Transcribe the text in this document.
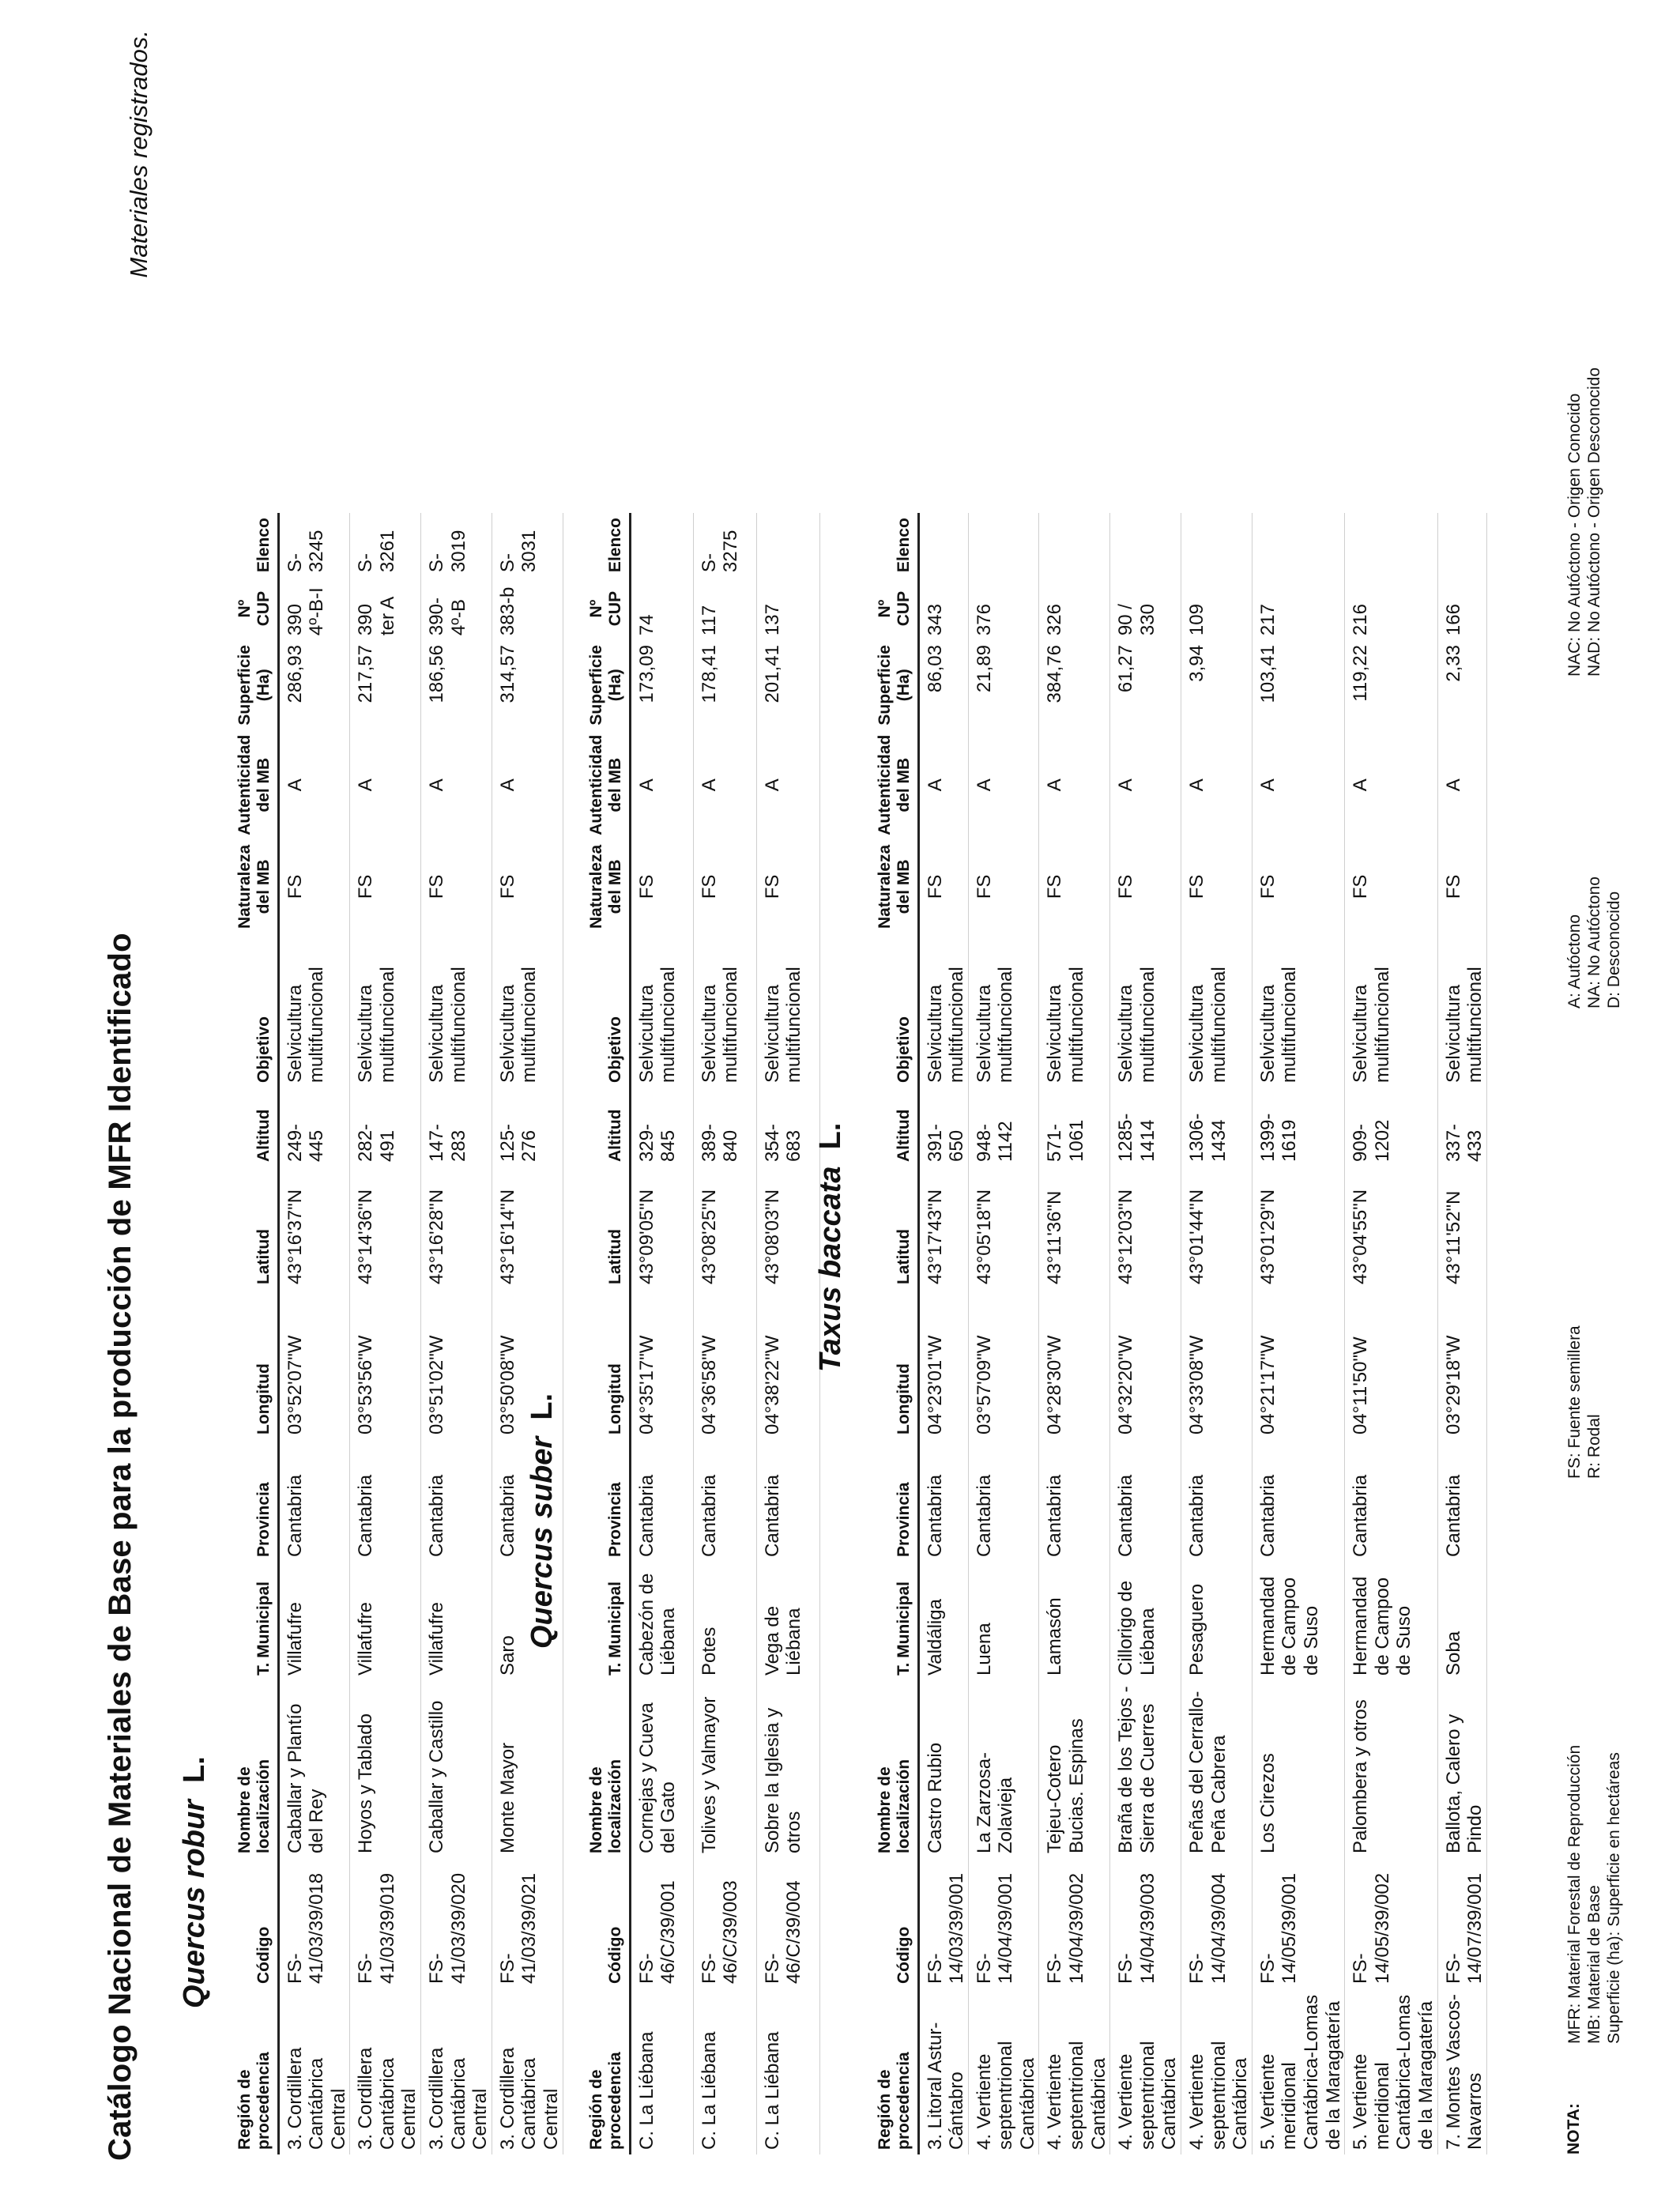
Catálogo Nacional de Materiales de Base para la producción de MFR Identificado
Materiales registrados.
Quercus robur  L.
Región de procedencia	Código	Nombre de localización	T. Municipal	Provincia	Longitud	Latitud	Altitud	Objetivo	Naturaleza del MB	Autenticidad del MB	Superficie (Ha)	Nº CUP	Elenco
3. Cordillera Cantábrica Central	FS-41/03/39/018	Caballar y Plantío del Rey	Villafufre	Cantabria	03°52'07"W	43°16'37"N	249-445	Selvicultura multifuncional	FS	A	286,93	390 4º-B-I	S-3245
3. Cordillera Cantábrica Central	FS-41/03/39/019	Hoyos y Tablado	Villafufre	Cantabria	03°53'56"W	43°14'36"N	282-491	Selvicultura multifuncional	FS	A	217,57	390 ter A	S-3261
3. Cordillera Cantábrica Central	FS-41/03/39/020	Caballar y Castillo	Villafufre	Cantabria	03°51'02"W	43°16'28"N	147-283	Selvicultura multifuncional	FS	A	186,56	390-4º-B	S-3019
3. Cordillera Cantábrica Central	FS-41/03/39/021	Monte Mayor	Saro	Cantabria	03°50'08"W	43°16'14"N	125-276	Selvicultura multifuncional	FS	A	314,57	383-b	S-3031
Quercus suber  L.
Región de procedencia	Código	Nombre de localización	T. Municipal	Provincia	Longitud	Latitud	Altitud	Objetivo	Naturaleza del MB	Autenticidad del MB	Superficie (Ha)	Nº CUP	Elenco
C. La Liébana	FS-46/C/39/001	Cornejas y Cueva del Gato	Cabezón de Liébana	Cantabria	04°35'17"W	43°09'05"N	329-845	Selvicultura multifuncional	FS	A	173,09	74	
C. La Liébana	FS-46/C/39/003	Tolives y Valmayor	Potes	Cantabria	04°36'58"W	43°08'25"N	389-840	Selvicultura multifuncional	FS	A	178,41	117	S-3275
C. La Liébana	FS-46/C/39/004	Sobre la Iglesia y otros	Vega de Liébana	Cantabria	04°38'22"W	43°08'03"N	354-683	Selvicultura multifuncional	FS	A	201,41	137	
Taxus baccata  L.
Región de procedencia	Código	Nombre de localización	T. Municipal	Provincia	Longitud	Latitud	Altitud	Objetivo	Naturaleza del MB	Autenticidad del MB	Superficie (Ha)	Nº CUP	Elenco
3. Litoral Astur-Cántabro	FS-14/03/39/001	Castro Rubio	Valdáliga	Cantabria	04°23'01"W	43°17'43"N	391-650	Selvicultura multifuncional	FS	A	86,03	343	
4. Vertiente septentrional Cantábrica	FS-14/04/39/001	La Zarzosa-Zolavieja	Luena	Cantabria	03°57'09"W	43°05'18"N	948-1142	Selvicultura multifuncional	FS	A	21,89	376	
4. Vertiente septentrional Cantábrica	FS-14/04/39/002	Tejeu-Cotero Bucias. Espinas	Lamasón	Cantabria	04°28'30"W	43°11'36"N	571-1061	Selvicultura multifuncional	FS	A	384,76	326	
4. Vertiente septentrional Cantábrica	FS-14/04/39/003	Braña de los Tejos - Sierra de Cuerres	Cillorigo de Liébana	Cantabria	04°32'20"W	43°12'03"N	1285-1414	Selvicultura multifuncional	FS	A	61,27	90 / 330	
4. Vertiente septentrional Cantábrica	FS-14/04/39/004	Peñas del Cerrallo- Peña Cabrera	Pesaguero	Cantabria	04°33'08"W	43°01'44"N	1306-1434	Selvicultura multifuncional	FS	A	3,94	109	
5. Vertiente meridional Cantábrica-Lomas de la Maragatería	FS-14/05/39/001	Los Cirezos	Hermandad de Campoo de Suso	Cantabria	04°21'17"W	43°01'29"N	1399-1619	Selvicultura multifuncional	FS	A	103,41	217	
5. Vertiente meridional Cantábrica-Lomas de la Maragatería	FS-14/05/39/002	Palombera y otros	Hermandad de Campoo de Suso	Cantabria	04°11'50"W	43°04'55"N	909-1202	Selvicultura multifuncional	FS	A	119,22	216	
7. Montes Vascos-Navarros	FS-14/07/39/001	Ballota, Calero y Pindo	Soba	Cantabria	03°29'18"W	43°11'52"N	337-433	Selvicultura multifuncional	FS	A	2,33	166	
NOTA:
MFR: Material Forestal de Reproducción MB: Material de Base Superficie (ha): Superficie en hectáreas
FS: Fuente semillera R: Rodal
A: Autóctono NA: No Autóctono D: Desconocido
NAC: No Autóctono - Origen Conocido NAD: No Autóctono - Origen Desconocido
